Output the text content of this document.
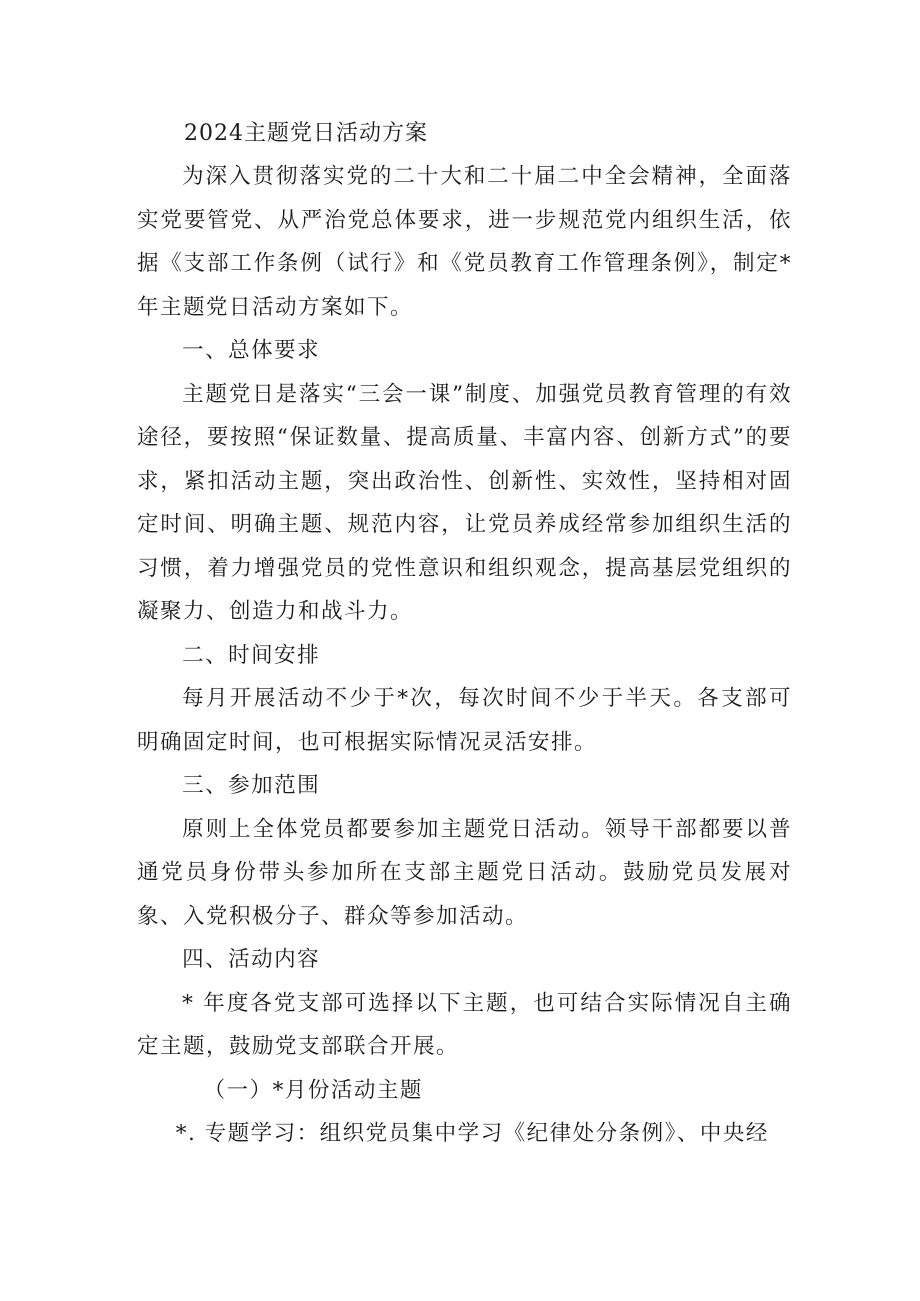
2024主题党日活动方案

为深入贯彻落实党的二十大和二十届二中全会精神，全面落实党要管党、从严治党总体要求，进一步规范党内组织生活，依据《支部工作条例（试行》和《党员教育工作管理条例》，制定*年主题党日活动方案如下。

一、总体要求

主题党日是落实“三会一课”制度、加强党员教育管理的有效途径，要按照“保证数量、提高质量、丰富内容、创新方式”的要求，紧扣活动主题，突出政治性、创新性、实效性，坚持相对固定时间、明确主题、规范内容，让党员养成经常参加组织生活的习惯，着力增强党员的党性意识和组织观念，提高基层党组织的凝聚力、创造力和战斗力。

二、时间安排

每月开展活动不少于*次，每次时间不少于半天。各支部可明确固定时间，也可根据实际情况灵活安排。

三、参加范围

原则上全体党员都要参加主题党日活动。领导干部都要以普通党员身份带头参加所在支部主题党日活动。鼓励党员发展对象、入党积极分子、群众等参加活动。

四、活动内容

* 年度各党支部可选择以下主题，也可结合实际情况自主确定主题，鼓励党支部联合开展。

（一）*月份活动主题

*. 专题学习：组织党员集中学习《纪律处分条例》、中央经
